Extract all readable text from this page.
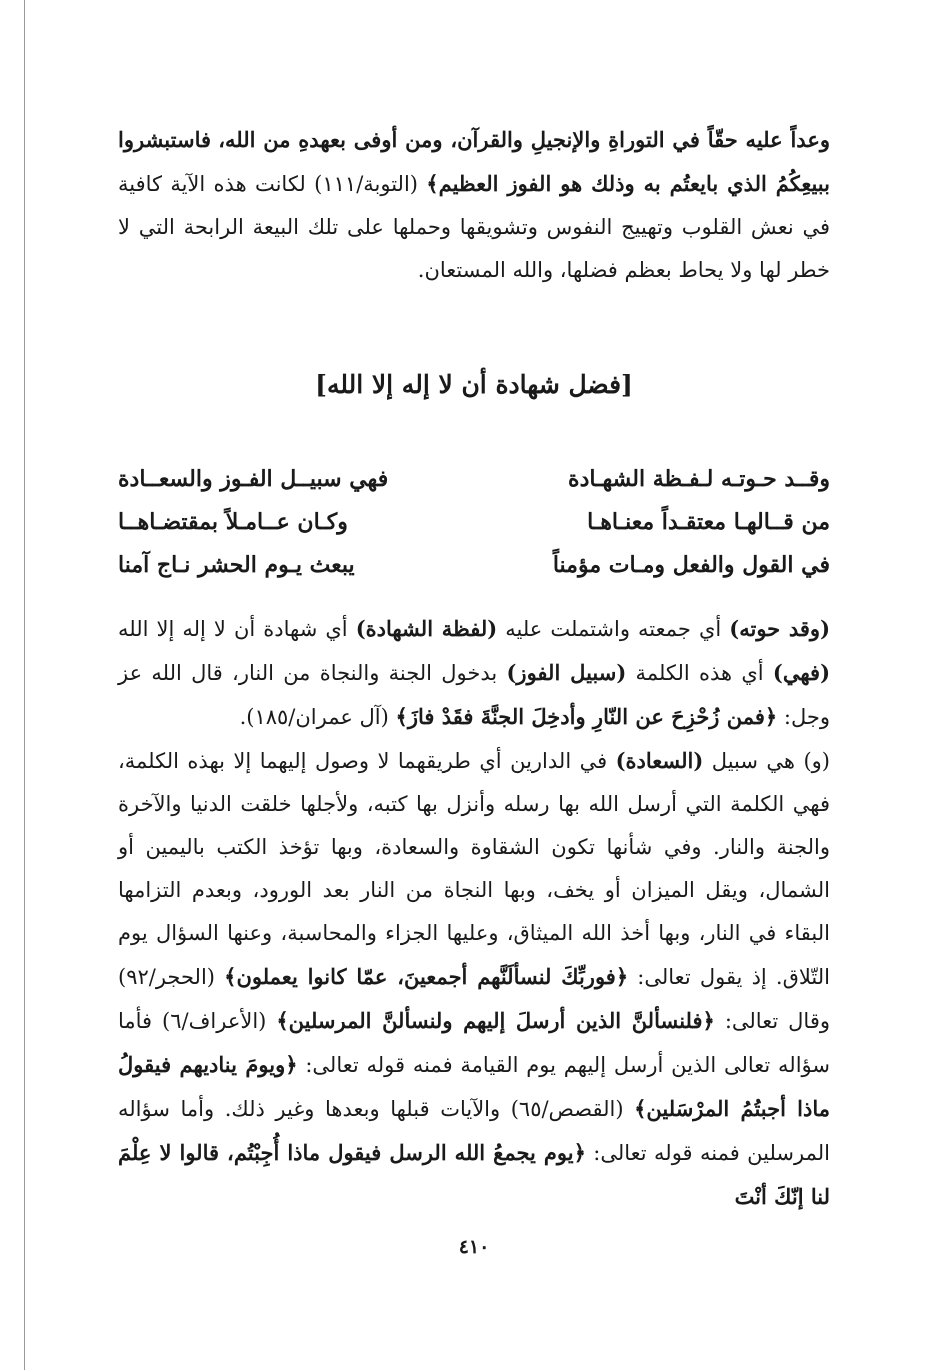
وعداً عليه حقّاً في التوراةِ والإنجيلِ والقرآن، ومن أوفى بعهدهِ من الله، فاستبشروا ببيعِكُمُ الذي بايعتُم به وذلك هو الفوز العظيم﴾ (التوبة/١١١) لكانت هذه الآية كافية في نعش القلوب وتهييج النفوس وتشويقها وحملها على تلك البيعة الرابحة التي لا خطر لها ولا يحاط بعظم فضلها، والله المستعان.

[فضل شهادة أن لا إله إلا الله]
وقــد حـوتـه لـفـظة الشهـادة
فهي سبيــل الفـوز والسعــادة
من قــالهـا معتقـداً معنـاهـا
وكـان عــامـلاً بمقتضـاهــا
في القول والفعل ومـات مؤمناً
يبعث يـوم الحشر نـاج آمنا

(وقد حوته) أي جمعته واشتملت عليه (لفظة الشهادة) أي شهادة أن لا إله إلا الله (فهي) أي هذه الكلمة (سبيل الفوز) بدخول الجنة والنجاة من النار، قال الله عز وجل: ﴿فمن زُحْزِحَ عن النّارِ وأدخِلَ الجنَّةَ فقَدْ فازَ﴾ (آل عمران/١٨٥).

(و) هي سبيل (السعادة) في الدارين أي طريقهما لا وصول إليهما إلا بهذه الكلمة، فهي الكلمة التي أرسل الله بها رسله وأنزل بها كتبه، ولأجلها خلقت الدنيا والآخرة والجنة والنار. وفي شأنها تكون الشقاوة والسعادة، وبها تؤخذ الكتب باليمين أو الشمال، ويقل الميزان أو يخف، وبها النجاة من النار بعد الورود، وبعدم التزامها البقاء في النار، وبها أخذ الله الميثاق، وعليها الجزاء والمحاسبة، وعنها السؤال يوم التّلاق. إذ يقول تعالى: ﴿فوربِّكَ لنسألَنَّهم أجمعينَ، عمّا كانوا يعملون﴾ (الحجر/٩٢) وقال تعالى: ﴿فلنسألنَّ الذين أرسلَ إليهم ولنسألنَّ المرسلين﴾ (الأعراف/٦) فأما سؤاله تعالى الذين أرسل إليهم يوم القيامة فمنه قوله تعالى: ﴿ويومَ يناديهم فيقولُ ماذا أجبتُمُ المرْسَلين﴾ (القصص/٦٥) والآيات قبلها وبعدها وغير ذلك. وأما سؤاله المرسلين فمنه قوله تعالى: ﴿يوم يجمعُ الله الرسل فيقول ماذا أُجِبْتُم، قالوا لا عِلْمَ لنا إنّكَ أنْتَ

٤١٠
